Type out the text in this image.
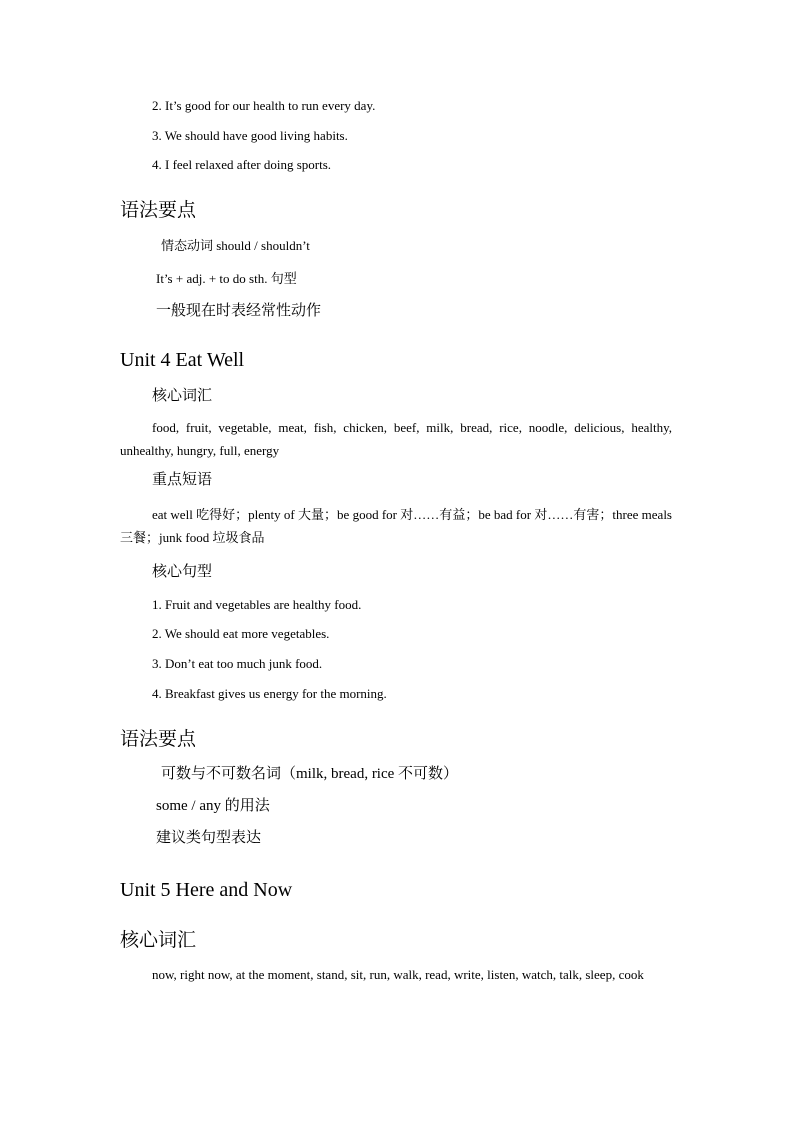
2. It’s good for our health to run every day.
3. We should have good living habits.
4. I feel relaxed after doing sports.
语法要点
情态动词 should / shouldn’t
It’s + adj. + to do sth. 句型
一般现在时表经常性动作
Unit 4 Eat Well
核心词汇
food, fruit, vegetable, meat, fish, chicken, beef, milk, bread, rice, noodle, delicious, healthy, unhealthy, hungry, full, energy
重点短语
eat well 吃得好；plenty of 大量；be good for 对……有益；be bad for 对……有害；three meals 三餐；junk food 垃圾食品
核心句型
1. Fruit and vegetables are healthy food.
2. We should eat more vegetables.
3. Don’t eat too much junk food.
4. Breakfast gives us energy for the morning.
语法要点
可数与不可数名词（milk, bread, rice 不可数）
some / any 的用法
建议类句型表达
Unit 5 Here and Now
核心词汇
now, right now, at the moment, stand, sit, run, walk, read, write, listen, watch, talk, sleep, cook
